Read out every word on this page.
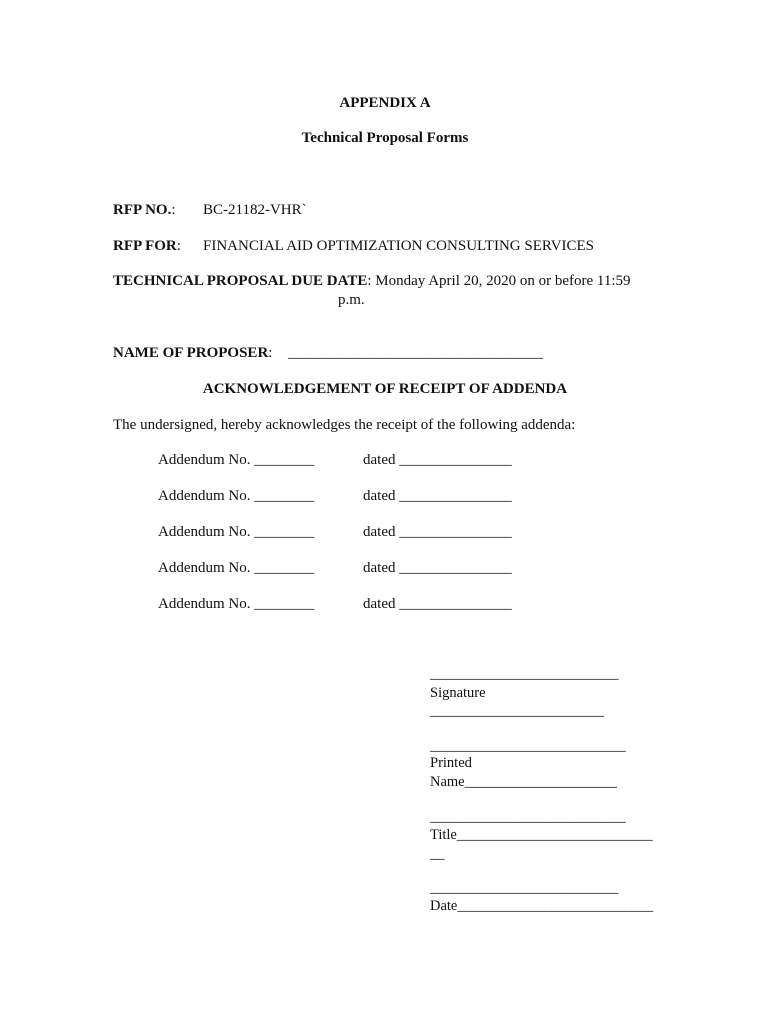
APPENDIX A
Technical Proposal Forms
RFP NO.: BC-21182-VHR`
RFP FOR: FINANCIAL AID OPTIMIZATION CONSULTING SERVICES
TECHNICAL PROPOSAL DUE DATE: Monday April 20, 2020 on or before 11:59
p.m.
NAME OF PROPOSER: __________________________________
ACKNOWLEDGEMENT OF RECEIPT OF ADDENDA
The undersigned, hereby acknowledges the receipt of the following addenda:
Addendum No. ________	dated _______________
Addendum No. ________	dated _______________
Addendum No. ________	dated _______________
Addendum No. ________	dated _______________
Addendum No. ________	dated _______________
__________________________
Signature
________________________
___________________________
Printed
Name_____________________
___________________________
Title___________________________
__
__________________________
Date___________________________
